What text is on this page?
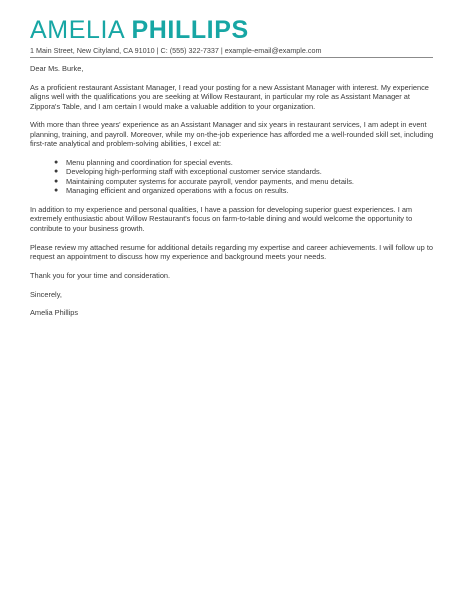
AMELIA PHILLIPS
1 Main Street, New Cityland, CA 91010 | C: (555) 322-7337 | example-email@example.com

Dear Ms. Burke,

As a proficient restaurant Assistant Manager, I read your posting for a new Assistant Manager with interest. My experience aligns well with the qualifications you are seeking at Willow Restaurant, in particular my role as Assistant Manager at Zippora's Table, and I am certain I would make a valuable addition to your organization.

With more than three years' experience as an Assistant Manager and six years in restaurant services, I am adept in event planning, training, and payroll. Moreover, while my on-the-job experience has afforded me a well-rounded skill set, including first-rate analytical and problem-solving abilities, I excel at:

● Menu planning and coordination for special events.
● Developing high-performing staff with exceptional customer service standards.
● Maintaining computer systems for accurate payroll, vendor payments, and menu details.
● Managing efficient and organized operations with a focus on results.

In addition to my experience and personal qualities, I have a passion for developing superior guest experiences. I am extremely enthusiastic about Willow Restaurant's focus on farm-to-table dining and would welcome the opportunity to contribute to your business growth.

Please review my attached resume for additional details regarding my expertise and career achievements. I will follow up to request an appointment to discuss how my experience and background meets your needs.

Thank you for your time and consideration.

Sincerely,

Amelia Phillips
